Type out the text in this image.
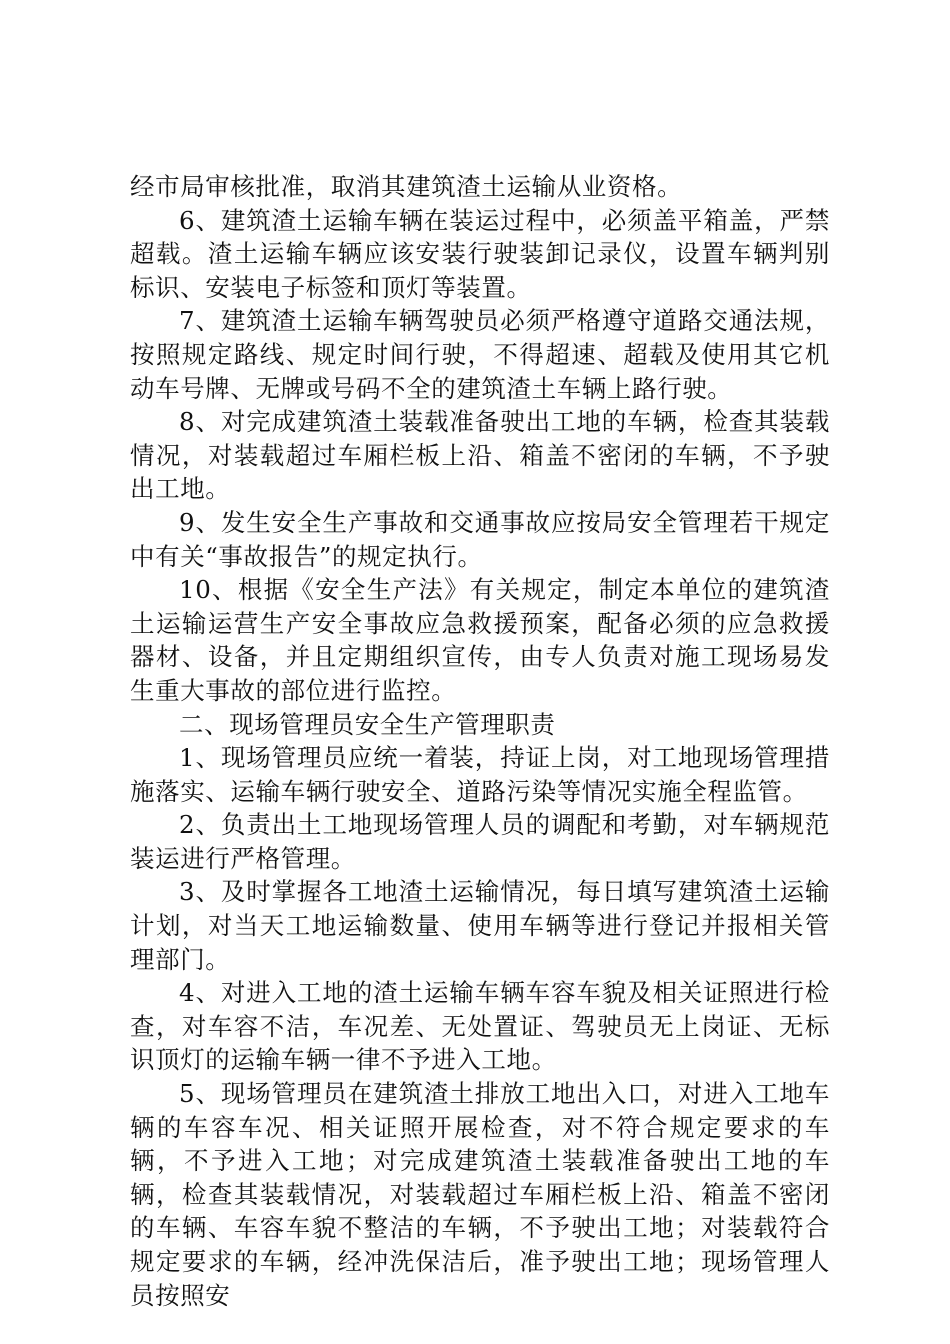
经市局审核批准，取消其建筑渣土运输从业资格。

6、建筑渣土运输车辆在装运过程中，必须盖平箱盖，严禁超载。渣土运输车辆应该安装行驶装卸记录仪，设置车辆判别标识、安装电子标签和顶灯等装置。

7、建筑渣土运输车辆驾驶员必须严格遵守道路交通法规，按照规定路线、规定时间行驶，不得超速、超载及使用其它机动车号牌、无牌或号码不全的建筑渣土车辆上路行驶。

8、对完成建筑渣土装载准备驶出工地的车辆，检查其装载情况，对装载超过车厢栏板上沿、箱盖不密闭的车辆，不予驶出工地。

9、发生安全生产事故和交通事故应按局安全管理若干规定中有关“事故报告”的规定执行。

10、根据《安全生产法》有关规定，制定本单位的建筑渣土运输运营生产安全事故应急救援预案，配备必须的应急救援器材、设备，并且定期组织宣传，由专人负责对施工现场易发生重大事故的部位进行监控。

二、现场管理员安全生产管理职责

1、现场管理员应统一着装，持证上岗，对工地现场管理措施落实、运输车辆行驶安全、道路污染等情况实施全程监管。

2、负责出土工地现场管理人员的调配和考勤，对车辆规范装运进行严格管理。

3、及时掌握各工地渣土运输情况，每日填写建筑渣土运输计划，对当天工地运输数量、使用车辆等进行登记并报相关管理部门。

4、对进入工地的渣土运输车辆车容车貌及相关证照进行检查，对车容不洁，车况差、无处置证、驾驶员无上岗证、无标识顶灯的运输车辆一律不予进入工地。

5、现场管理员在建筑渣土排放工地出入口，对进入工地车辆的车容车况、相关证照开展检查，对不符合规定要求的车辆，不予进入工地；对完成建筑渣土装载准备驶出工地的车辆，检查其装载情况，对装载超过车厢栏板上沿、箱盖不密闭的车辆、车容车貌不整洁的车辆，不予驶出工地；对装载符合规定要求的车辆，经冲洗保洁后，准予驶出工地；现场管理人员按照安
